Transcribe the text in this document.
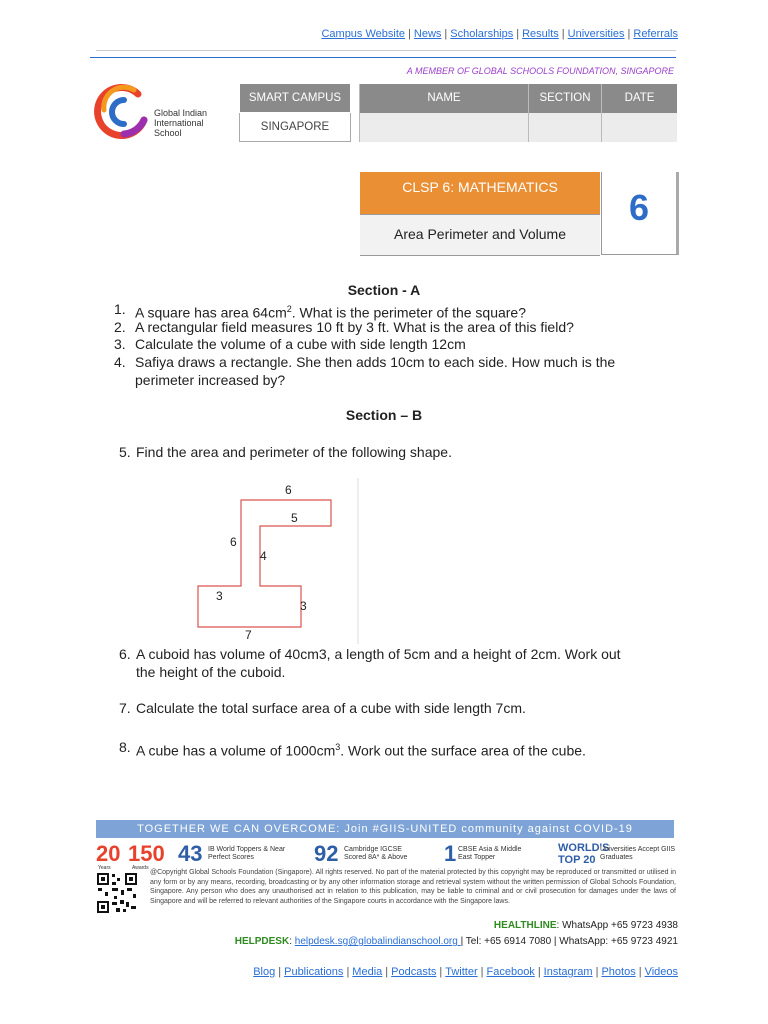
Campus Website | News | Scholarships | Results | Universities | Referrals
A MEMBER OF GLOBAL SCHOOLS FOUNDATION, SINGAPORE
Global Indian
International
School
SMART CAMPUS		NAME	SECTION	DATE
SINGAPORE				
CLSP 6: MATHEMATICS
Area Perimeter and Volume
6
Section - A
1. A square has area $64cm^2$. What is the perimeter of the square?
2. A rectangular field measures 10 ft by 3 ft. What is the area of this field?
3. Calculate the volume of a cube with side length 12cm
4. Safiya draws a rectangle. She then adds 10cm to each side. How much is the
perimeter increased by?
Section – B
5. Find the area and perimeter of the following shape.
6
5
6
4
3
3
7
6. A cuboid has volume of 40cm3, a length of 5cm and a height of 2cm. Work out
the height of the cuboid.
7. Calculate the total surface area of a cube with side length 7cm.
8. A cube has a volume of $1000cm^3$. Work out the surface area of the cube.
TOGETHER WE CAN OVERCOME: Join #GIIS-UNITED community against COVID-19
20
Years
150
Awards
43 IB World Toppers & Near Perfect Scores	92 Cambridge IGCSE Scored 8A* & Above	1 CBSE Asia & Middle East Topper
WORLD'S TOP 20
Universities Accept GIIS Graduates
@Copyright Global Schools Foundation (Singapore). All rights reserved. No part of the material protected by this copyright may be reproduced or transmitted or utilised in any form or by any means, recording, broadcasting or by any other information storage and retrieval system without the written permission of Global Schools Foundation, Singapore. Any person who does any unauthorised act in relation to this publication, may be liable to criminal and or civil prosecution for damages under the laws of Singapore and will be referred to relevant authorities of the Singapore courts in accordance with the Singapore laws.
HEALTHLINE: WhatsApp +65 9723 4938
HELPDESK: helpdesk.sg@globalindianschool.org | Tel: +65 6914 7080 | WhatsApp: +65 9723 4921
Blog | Publications | Media | Podcasts | Twitter | Facebook | Instagram | Photos | Videos
